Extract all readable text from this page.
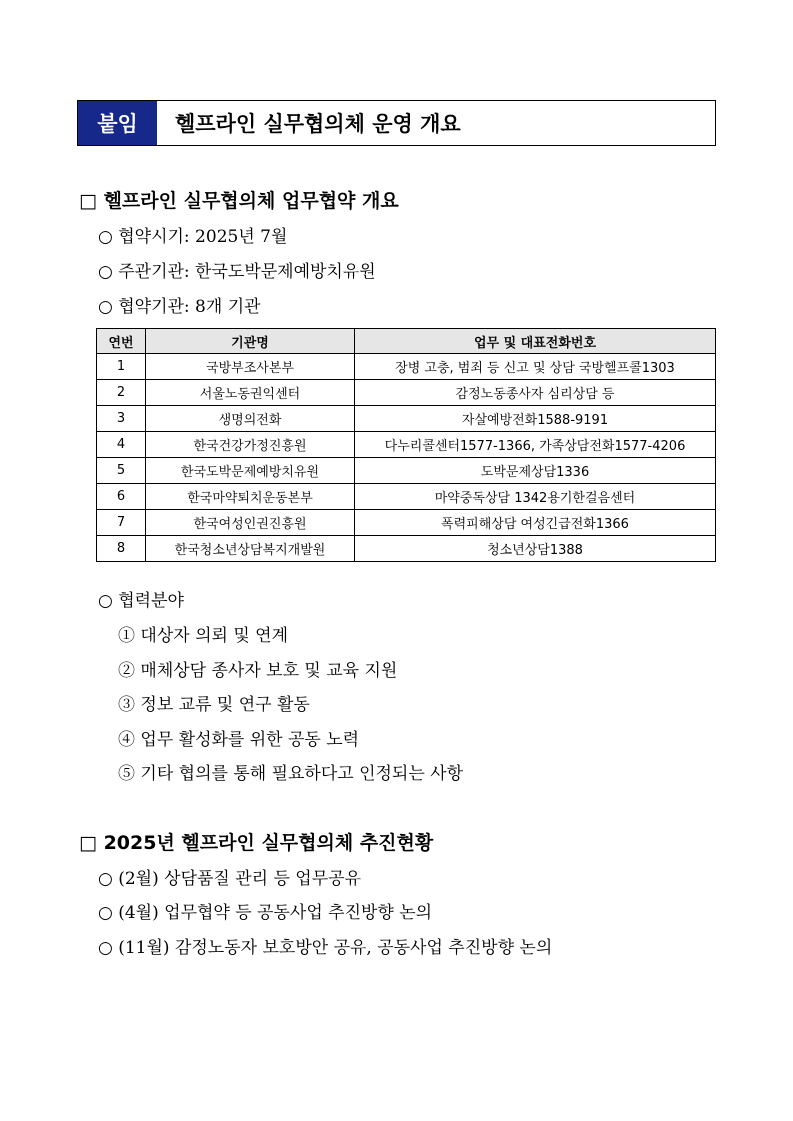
붙임	헬프라인 실무협의체 운영 개요
□ 헬프라인 실무협의체 업무협약 개요
○ 협약시기: 2025년 7월
○ 주관기관: 한국도박문제예방치유원
○ 협약기관: 8개 기관
연번	기관명	업무 및 대표전화번호
1	국방부조사본부	장병 고충, 범죄 등 신고 및 상담 국방헬프콜1303
2	서울노동권익센터	감정노동종사자 심리상담 등
3	생명의전화	자살예방전화1588-9191
4	한국건강가정진흥원	다누리콜센터1577-1366, 가족상담전화1577-4206
5	한국도박문제예방치유원	도박문제상담1336
6	한국마약퇴치운동본부	마약중독상담 1342용기한걸음센터
7	한국여성인권진흥원	폭력피해상담 여성긴급전화1366
8	한국청소년상담복지개발원	청소년상담1388
○ 협력분야
① 대상자 의뢰 및 연계
② 매체상담 종사자 보호 및 교육 지원
③ 정보 교류 및 연구 활동
④ 업무 활성화를 위한 공동 노력
⑤ 기타 협의를 통해 필요하다고 인정되는 사항
□ 2025년 헬프라인 실무협의체 추진현황
○ (2월) 상담품질 관리 등 업무공유
○ (4월) 업무협약 등 공동사업 추진방향 논의
○ (11월) 감정노동자 보호방안 공유, 공동사업 추진방향 논의
